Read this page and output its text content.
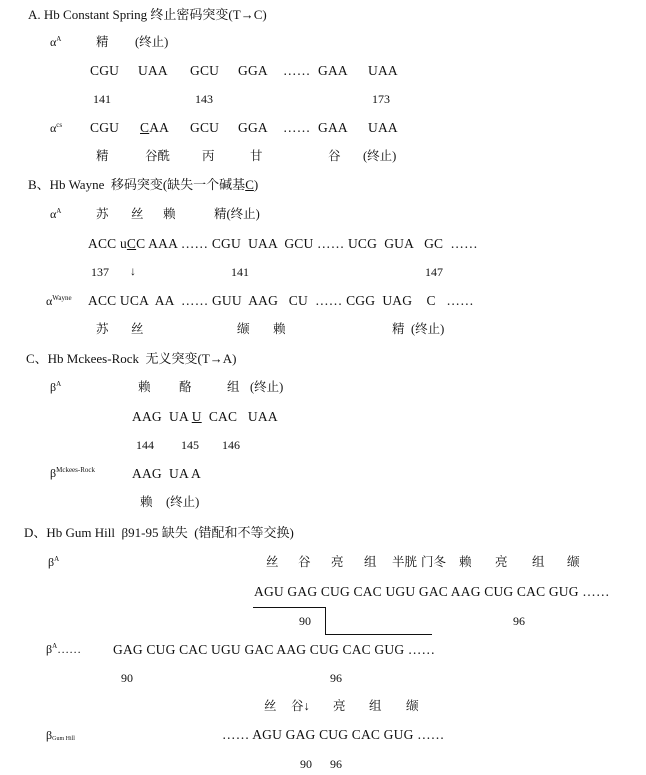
A. Hb Constant Spring 终止密码突变(T→C)
$\alpha^A$	精 (终止)
CGU UAA GCU GGA …… GAA UAA
141	143	173
$\alpha^{cs}$ CGU CAA GCU GGA …… GAA UAA
精	谷酰	丙	甘	谷 (终止)
B、Hb Wayne  移码突变(缺失一个碱基C)
$\alpha^A$	苏 丝 赖	精(终止)
ACC uCC AAA …… CGU  UAA  GCU …… UCG  GUA   GC  ……
137 ↓	141	147
$\alpha^{Wayne}$ ACC UCA  AA  …… GUU  AAG   CU  …… CGG  UAG    C   ……
苏 丝	缬 赖	精 (终止)
C、Hb Mckees-Rock  无义突变(T→A)
$\beta^A$	赖 酪	组 (终止)
AAG  UA U  CAC   UAA
144 145 146
$\beta^{Mckees-Rock}$	AAG  UA A
赖 (终止)
D、Hb Gum Hill  β91-95 缺失  (错配和不等交换)
$\beta^A$	丝 谷 亮 组 半胱 门冬 赖 亮 组 缬
AGU GAG CUG CAC UGU GAC AAG CUG CAC GUG ……
90	96
$\beta^A\dots\dots$ GAG CUG CAC UGU GAC AAG CUG CAC GUG ……
90	96
丝 谷↓ 亮 组 缬
$\beta_{Gum Hill}$	…… AGU GAG CUG CAC GUG ……
90 96
